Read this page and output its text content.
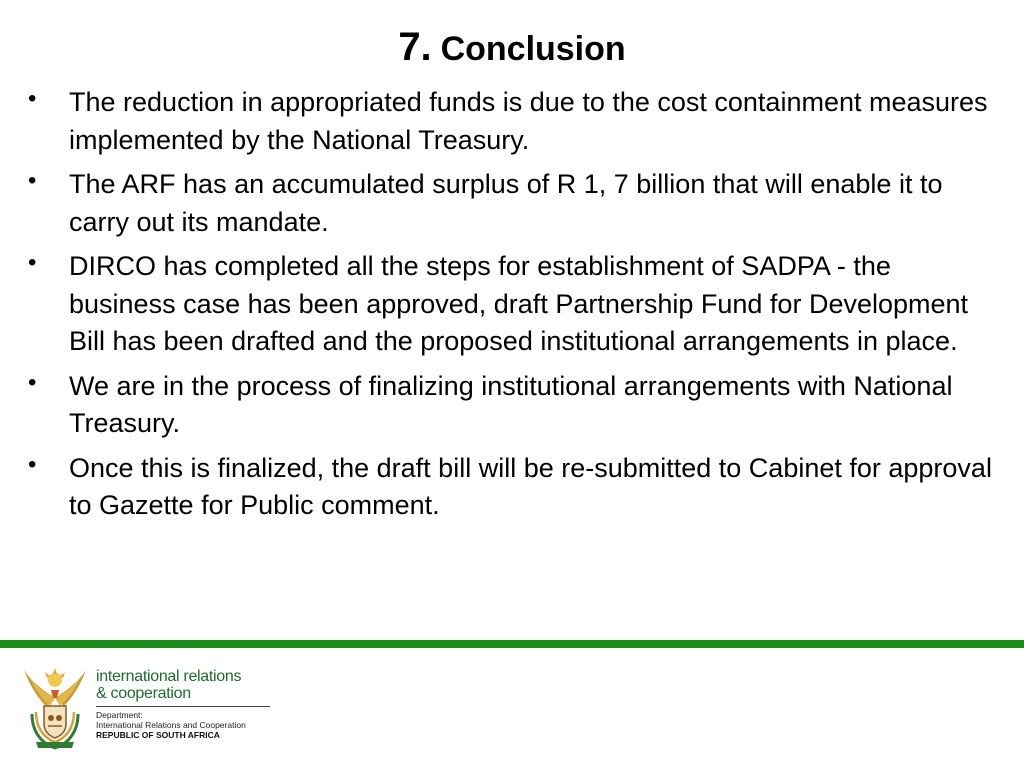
7. Conclusion
• The reduction in appropriated funds is due to the cost containment measures implemented by the National Treasury.
• The ARF has an accumulated surplus of R 1, 7 billion that will enable it to carry out its mandate.
• DIRCO has completed all the steps for establishment of SADPA - the business case has been approved, draft Partnership Fund for Development Bill has been drafted and the proposed institutional arrangements in place.
• We are in the process of finalizing institutional arrangements with National Treasury.
• Once this is finalized, the draft bill will be re-submitted to Cabinet for approval to Gazette for Public comment.
international relations
& cooperation
Department:
International Relations and Cooperation
REPUBLIC OF SOUTH AFRICA
